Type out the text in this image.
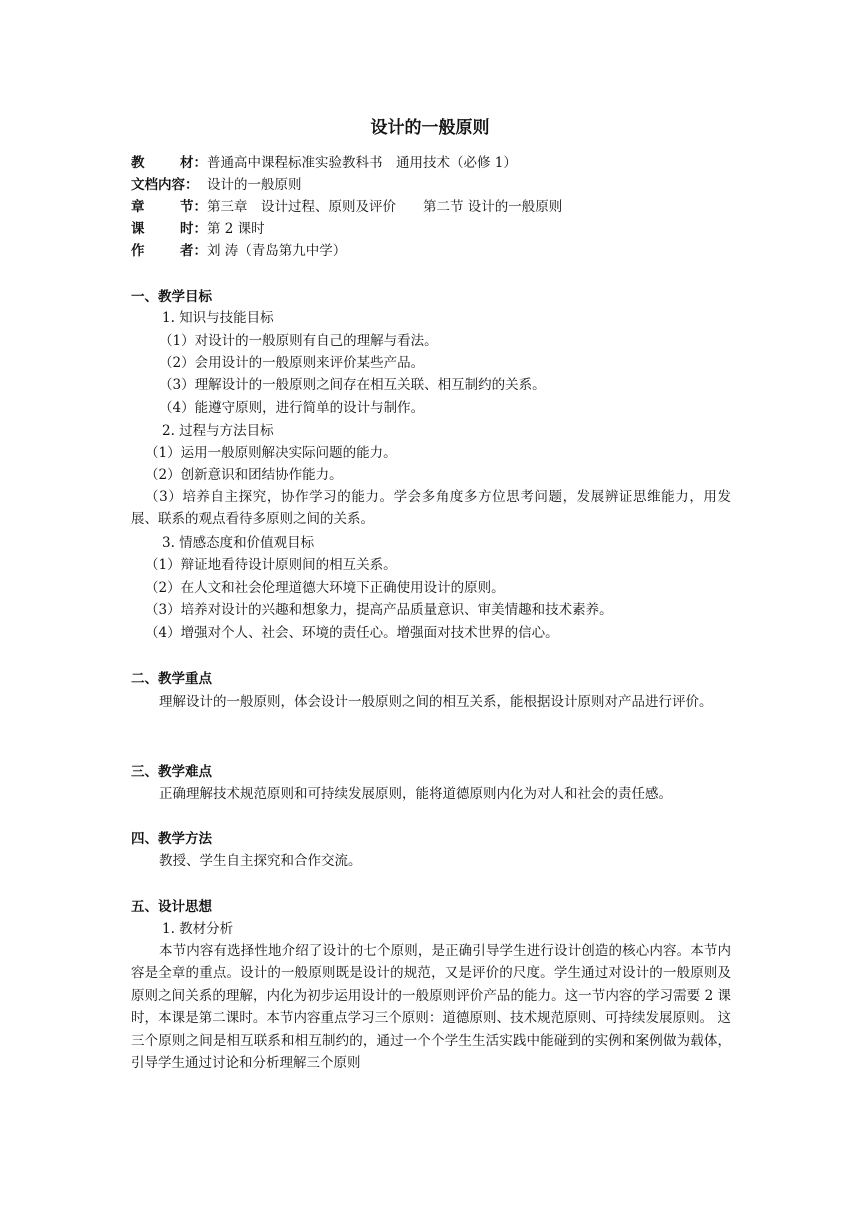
设计的一般原则
教	材： 普通高中课程标准实验教科书　通用技术（必修 1）
文档内容： 设计的一般原则
章	节： 第三章　设计过程、原则及评价　　第二节 设计的一般原则
课	时： 第 2 课时
作	者： 刘 涛（青岛第九中学）
一、教学目标
1. 知识与技能目标
（1）对设计的一般原则有自己的理解与看法。
（2）会用设计的一般原则来评价某些产品。
（3）理解设计的一般原则之间存在相互关联、相互制约的关系。
（4）能遵守原则，进行简单的设计与制作。
2. 过程与方法目标
（1）运用一般原则解决实际问题的能力。
（2）创新意识和团结协作能力。
（3）培养自主探究，协作学习的能力。学会多角度多方位思考问题，发展辨证思维能力，用发展、联系的观点看待多原则之间的关系。
3. 情感态度和价值观目标
（1）辩证地看待设计原则间的相互关系。
（2）在人文和社会伦理道德大环境下正确使用设计的原则。
（3）培养对设计的兴趣和想象力，提高产品质量意识、审美情趣和技术素养。
（4）增强对个人、社会、环境的责任心。增强面对技术世界的信心。
二、教学重点
理解设计的一般原则，体会设计一般原则之间的相互关系，能根据设计原则对产品进行评价。
三、教学难点
正确理解技术规范原则和可持续发展原则，能将道德原则内化为对人和社会的责任感。
四、教学方法
教授、学生自主探究和合作交流。
五、设计思想
1. 教材分析
本节内容有选择性地介绍了设计的七个原则，是正确引导学生进行设计创造的核心内容。本节内容是全章的重点。设计的一般原则既是设计的规范，又是评价的尺度。学生通过对设计的一般原则及原则之间关系的理解，内化为初步运用设计的一般原则评价产品的能力。这一节内容的学习需要 2 课时，本课是第二课时。本节内容重点学习三个原则：道德原则、技术规范原则、可持续发展原则。 这三个原则之间是相互联系和相互制约的，通过一个个学生生活实践中能碰到的实例和案例做为载体，引导学生通过讨论和分析理解三个原则
